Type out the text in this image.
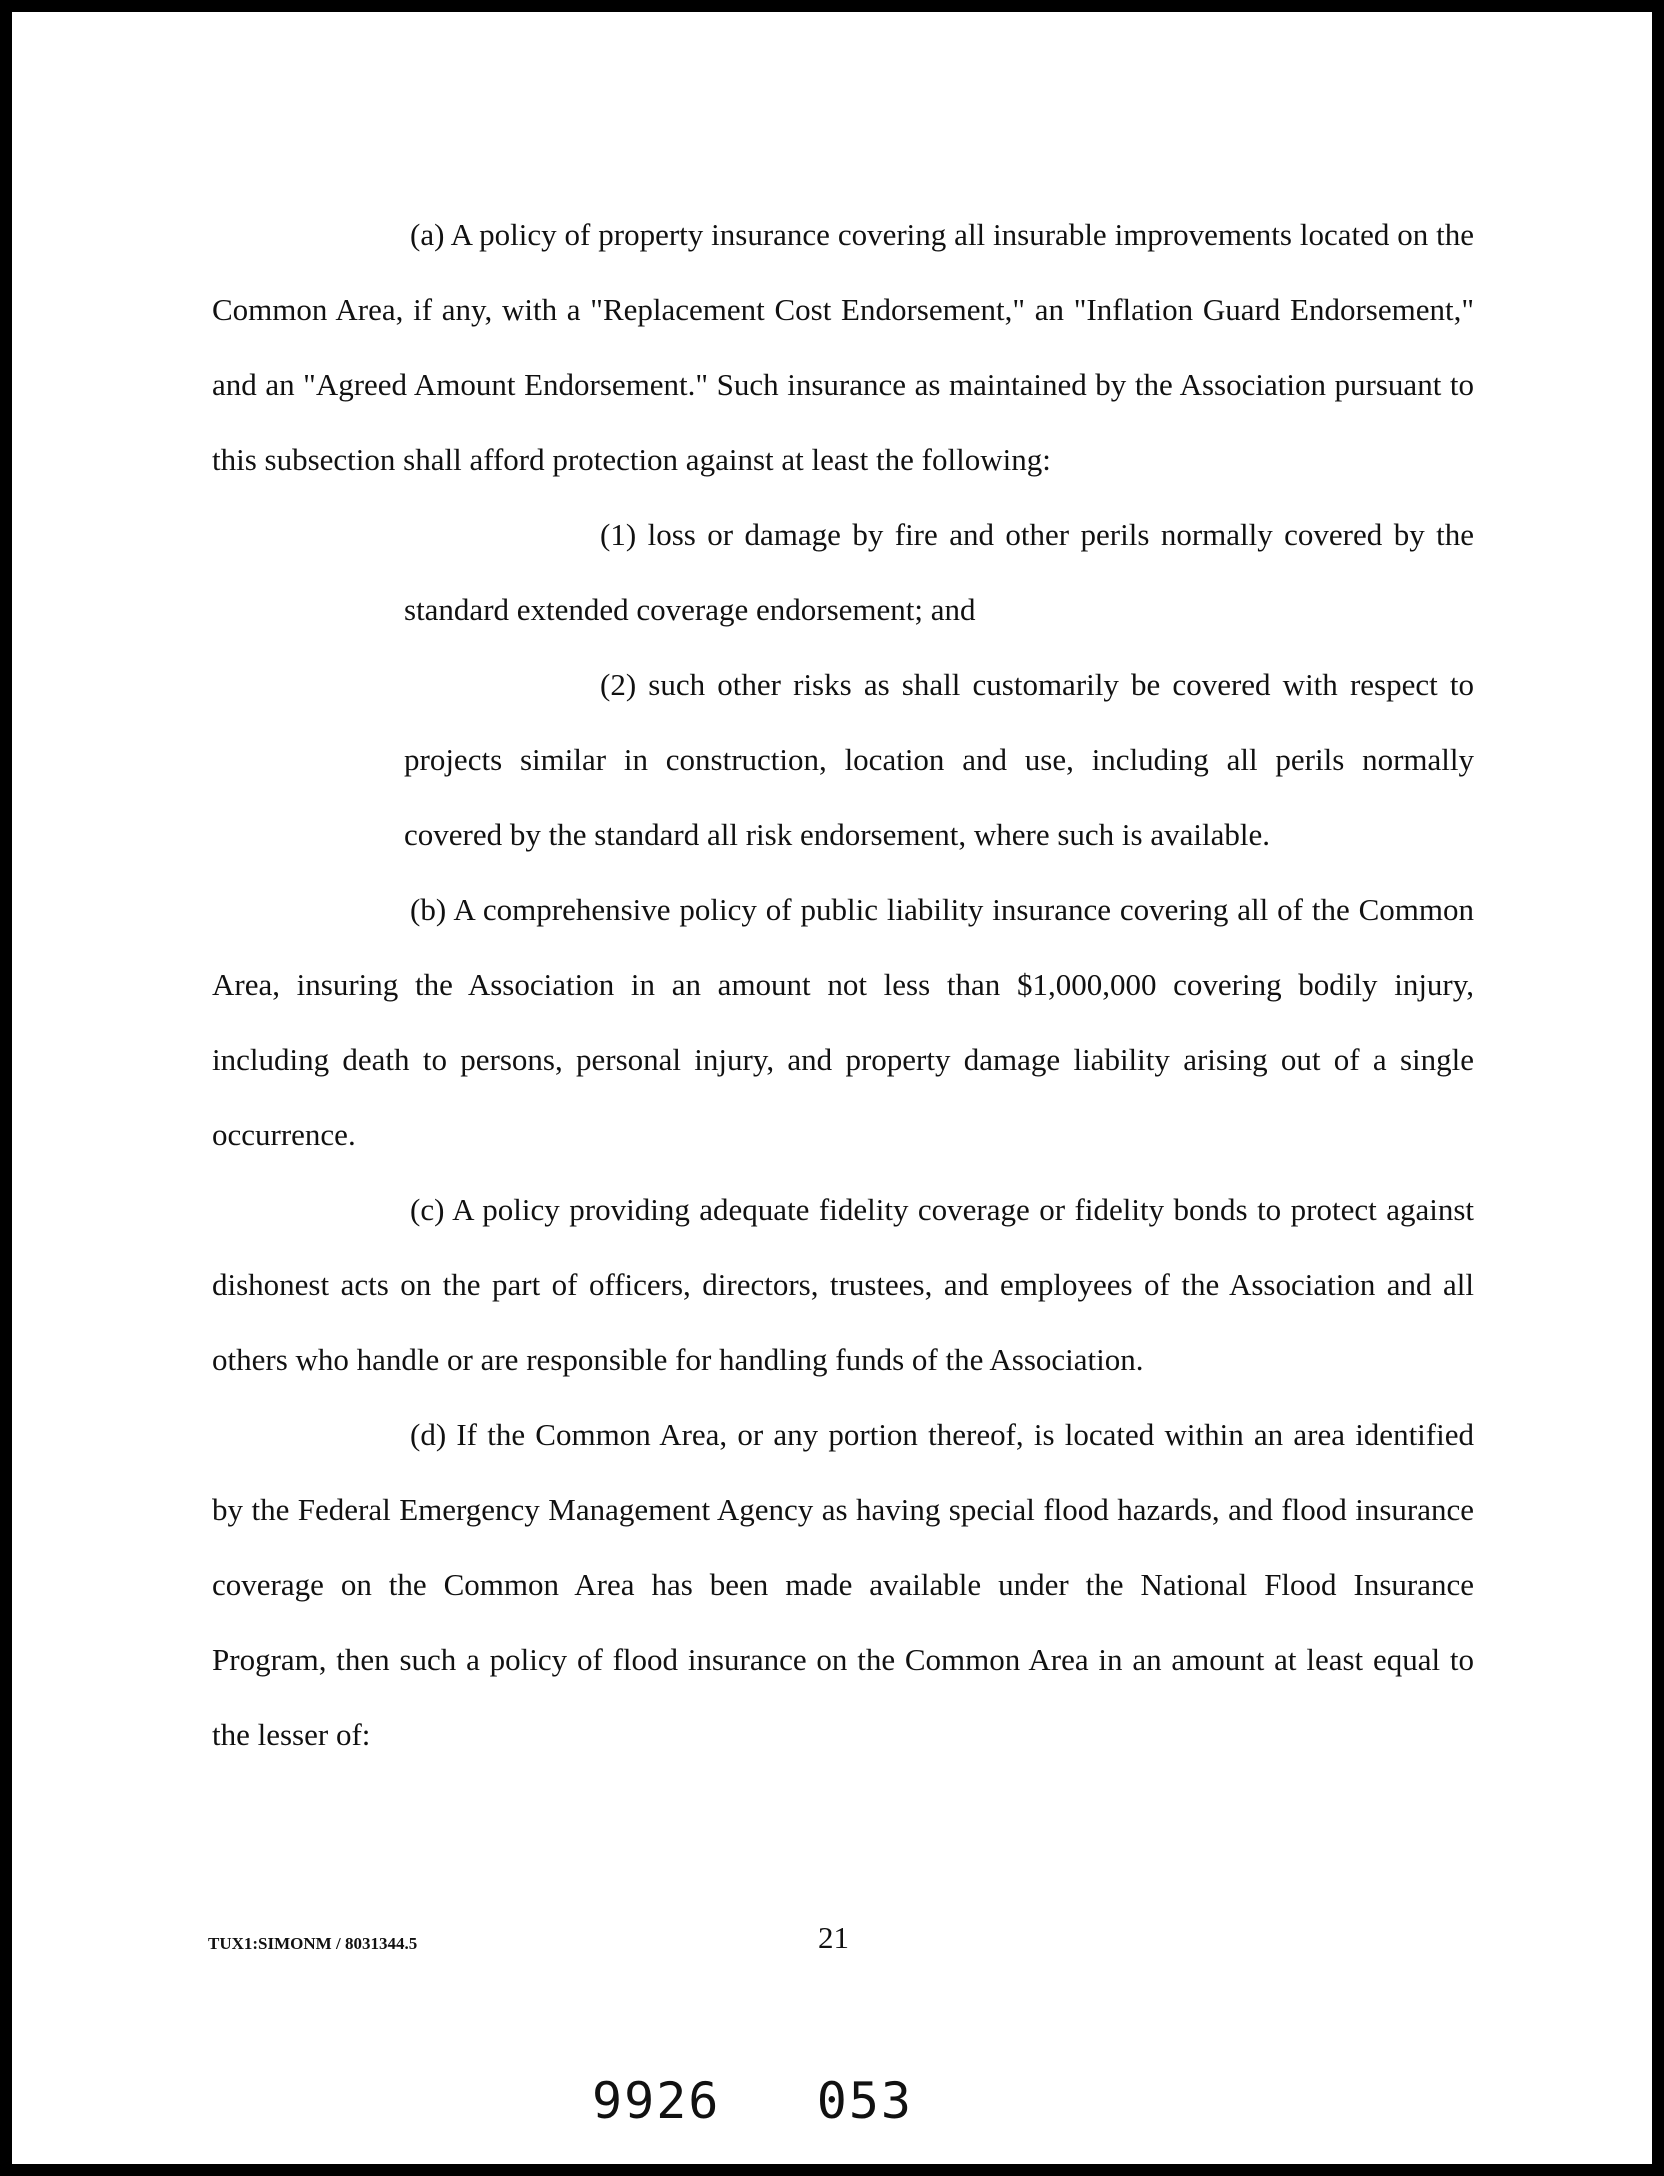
(a) A policy of property insurance covering all insurable improvements located on the Common Area, if any, with a "Replacement Cost Endorsement," an "Inflation Guard Endorsement," and an "Agreed Amount Endorsement." Such insurance as maintained by the Association pursuant to this subsection shall afford protection against at least the following:

(1) loss or damage by fire and other perils normally covered by the standard extended coverage endorsement; and

(2) such other risks as shall customarily be covered with respect to projects similar in construction, location and use, including all perils normally covered by the standard all risk endorsement, where such is available.

(b) A comprehensive policy of public liability insurance covering all of the Common Area, insuring the Association in an amount not less than $1,000,000 covering bodily injury, including death to persons, personal injury, and property damage liability arising out of a single occurrence.

(c) A policy providing adequate fidelity coverage or fidelity bonds to protect against dishonest acts on the part of officers, directors, trustees, and employees of the Association and all others who handle or are responsible for handling funds of the Association.

(d) If the Common Area, or any portion thereof, is located within an area identified by the Federal Emergency Management Agency as having special flood hazards, and flood insurance coverage on the Common Area has been made available under the National Flood Insurance Program, then such a policy of flood insurance on the Common Area in an amount at least equal to the lesser of:

TUX1:SIMONM / 8031344.5	21
9926   053
